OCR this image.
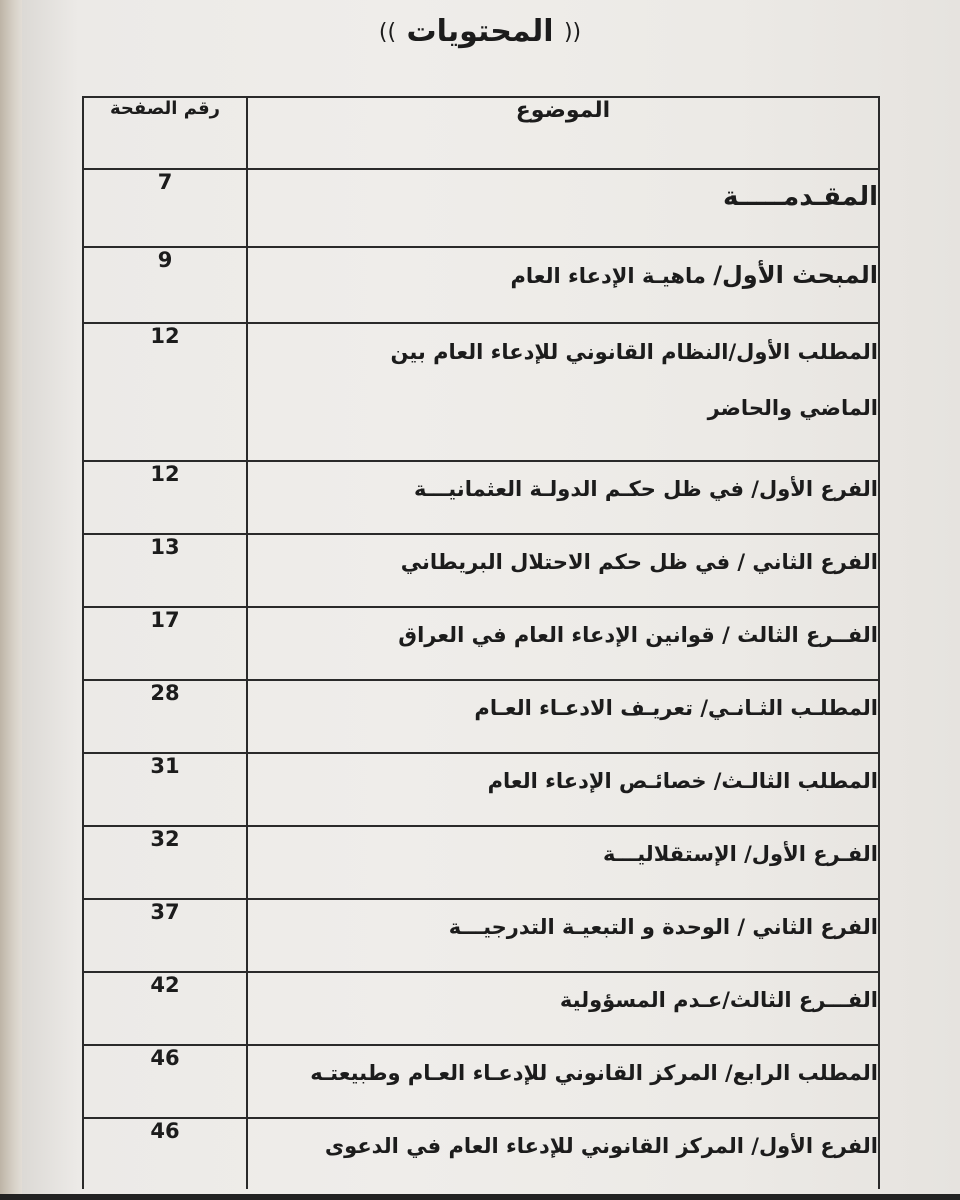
(( المحتويات ))
الموضوع	رقم الصفحة
المقـدمـــــة	7
المبحث الأول/ ماهيـة الإدعاء العام	9
المطلب الأول/النظام القانوني للإدعاء العام بين الماضي والحاضر	12
الفرع الأول/ في ظل حكـم الدولـة العثمانيـــة	12
الفرع الثاني / في ظل حكم الاحتلال البريطاني	13
الفــرع الثالث / قوانين الإدعاء العام في العراق	17
المطلـب الثـانـي/ تعريـف الادعـاء العـام	28
المطلب الثالـث/ خصائـص الإدعاء العام	31
الفـرع الأول/ الإستقلاليـــة	32
الفرع الثاني / الوحدة و التبعيـة التدرجيـــة	37
الفـــرع الثالث/عـدم المسؤولية	42
المطلب الرابع/ المركز القانوني للإدعـاء العـام وطبيعتـه	46
الفرع الأول/ المركز القانوني للإدعاء العام في الدعوى	46
